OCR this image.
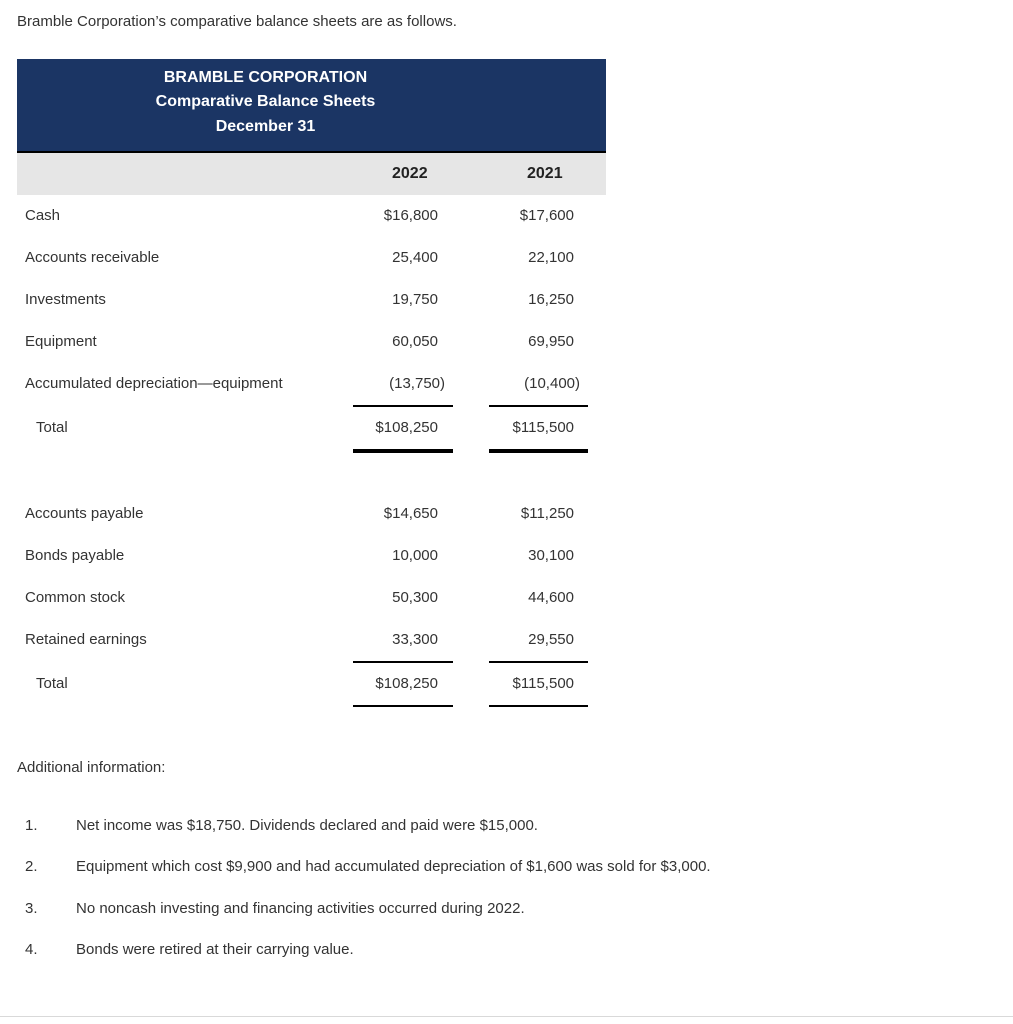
Bramble Corporation’s comparative balance sheets are as follows.
BRAMBLE CORPORATION
Comparative Balance Sheets
December 31
2022	2021
Cash	$16,800	$17,600
Accounts receivable	25,400	22,100
Investments	19,750	16,250
Equipment	60,050	69,950
Accumulated depreciation—equipment	(13,750)	(10,400)
Total	$108,250	$115,500
Accounts payable	$14,650	$11,250
Bonds payable	10,000	30,100
Common stock	50,300	44,600
Retained earnings	33,300	29,550
Total	$108,250	$115,500
Additional information:
1.	Net income was $18,750. Dividends declared and paid were $15,000.
2.	Equipment which cost $9,900 and had accumulated depreciation of $1,600 was sold for $3,000.
3.	No noncash investing and financing activities occurred during 2022.
4.	Bonds were retired at their carrying value.
